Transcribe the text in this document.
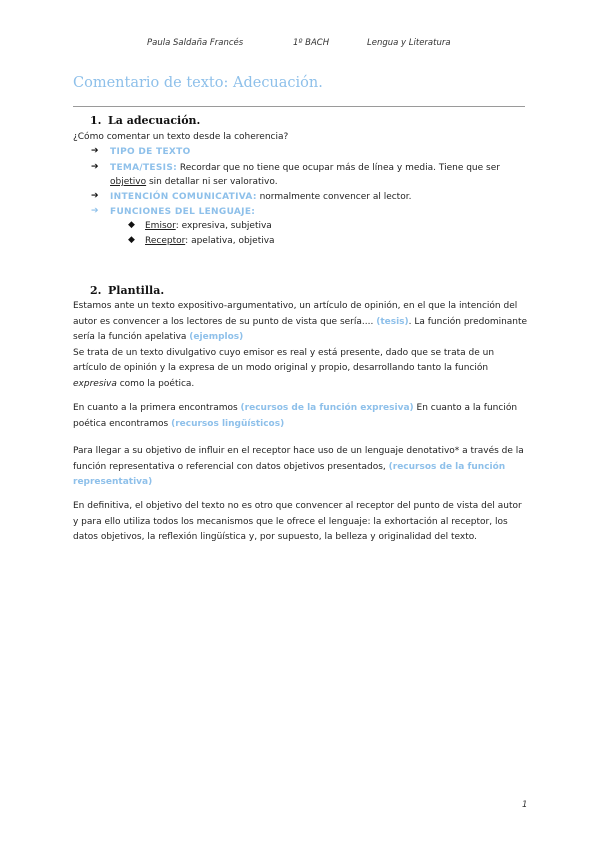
Paula Saldaña Francés	1º BACH	Lengua y Literatura
Comentario de texto: Adecuación.
1. La adecuación.
¿Cómo comentar un texto desde la coherencia?
➔ TIPO DE TEXTO
➔ TEMA/TESIS: Recordar que no tiene que ocupar más de línea y media. Tiene que ser
objetivo sin detallar ni ser valorativo.
➔ INTENCIÓN COMUNICATIVA: normalmente convencer al lector.
➔ FUNCIONES DEL LENGUAJE:
◆ Emisor: expresiva, subjetiva
◆ Receptor: apelativa, objetiva
2. Plantilla.
Estamos ante un texto expositivo-argumentativo, un artículo de opinión, en el que la intención del autor es convencer a los lectores de su punto de vista que sería.... (tesis). La función predominante sería la función apelativa (ejemplos)
Se trata de un texto divulgativo cuyo emisor es real y está presente, dado que se trata de un artículo de opinión y la expresa de un modo original y propio, desarrollando tanto la función expresiva como la poética.
En cuanto a la primera encontramos (recursos de la función expresiva) En cuanto a la función poética encontramos (recursos lingüísticos)
Para llegar a su objetivo de influir en el receptor hace uso de un lenguaje denotativo* a través de la función representativa o referencial con datos objetivos presentados, (recursos de la función representativa)
En definitiva, el objetivo del texto no es otro que convencer al receptor del punto de vista del autor y para ello utiliza todos los mecanismos que le ofrece el lenguaje: la exhortación al receptor, los datos objetivos, la reflexión lingüística y, por supuesto, la belleza y originalidad del texto.
1
